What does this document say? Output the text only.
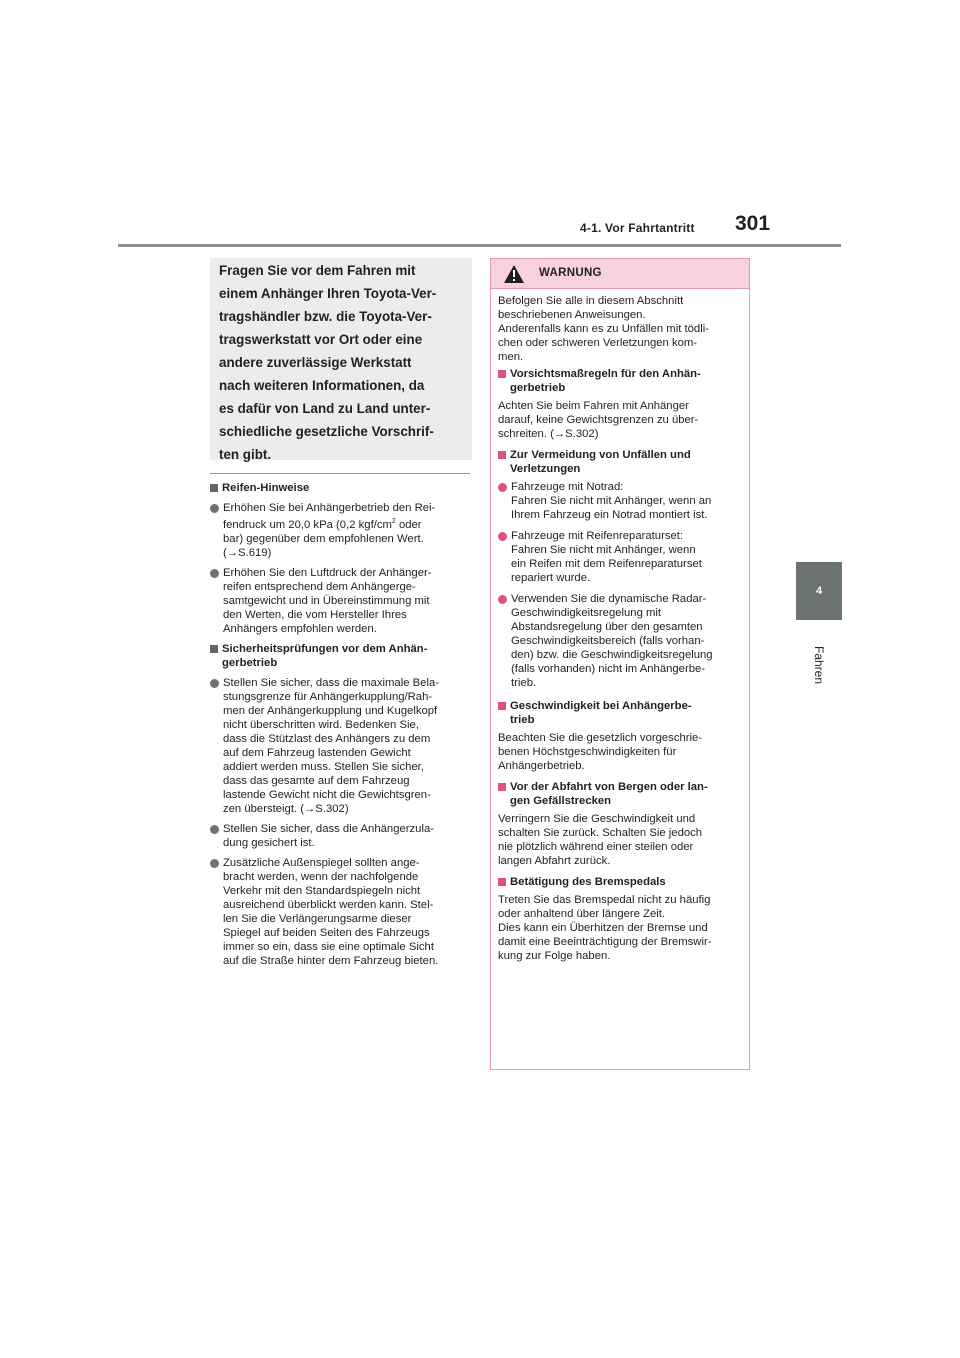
4-1. Vor Fahrtantritt 301
4
Fahren
Fragen Sie vor dem Fahren mit
einem Anhänger Ihren Toyota-Ver-
tragshändler bzw. die Toyota-Ver-
tragswerkstatt vor Ort oder eine
andere zuverlässige Werkstatt
nach weiteren Informationen, da
es dafür von Land zu Land unter-
schiedliche gesetzliche Vorschrif-
ten gibt.
Reifen-Hinweise
Erhöhen Sie bei Anhängerbetrieb den Rei-
fendruck um 20,0 kPa (0,2 kgf/$cm^2$ oder
bar) gegenüber dem empfohlenen Wert.
(→S.619)
Erhöhen Sie den Luftdruck der Anhänger-
reifen entsprechend dem Anhängerge-
samtgewicht und in Übereinstimmung mit
den Werten, die vom Hersteller Ihres
Anhängers empfohlen werden.
Sicherheitsprüfungen vor dem Anhän-
gerbetrieb
Stellen Sie sicher, dass die maximale Bela-
stungsgrenze für Anhängerkupplung/Rah-
men der Anhängerkupplung und Kugelkopf
nicht überschritten wird. Bedenken Sie,
dass die Stützlast des Anhängers zu dem
auf dem Fahrzeug lastenden Gewicht
addiert werden muss. Stellen Sie sicher,
dass das gesamte auf dem Fahrzeug
lastende Gewicht nicht die Gewichtsgren-
zen übersteigt. (→S.302)
Stellen Sie sicher, dass die Anhängerzula-
dung gesichert ist.
Zusätzliche Außenspiegel sollten ange-
bracht werden, wenn der nachfolgende
Verkehr mit den Standardspiegeln nicht
ausreichend überblickt werden kann. Stel-
len Sie die Verlängerungsarme dieser
Spiegel auf beiden Seiten des Fahrzeugs
immer so ein, dass sie eine optimale Sicht
auf die Straße hinter dem Fahrzeug bieten.
WARNUNG
Befolgen Sie alle in diesem Abschnitt
beschriebenen Anweisungen.
Anderenfalls kann es zu Unfällen mit tödli-
chen oder schweren Verletzungen kom-
men.
Vorsichtsmaßregeln für den Anhän-
gerbetrieb
Achten Sie beim Fahren mit Anhänger
darauf, keine Gewichtsgrenzen zu über-
schreiten. (→S.302)
Zur Vermeidung von Unfällen und
Verletzungen
Fahrzeuge mit Notrad:
Fahren Sie nicht mit Anhänger, wenn an
Ihrem Fahrzeug ein Notrad montiert ist.
Fahrzeuge mit Reifenreparaturset:
Fahren Sie nicht mit Anhänger, wenn
ein Reifen mit dem Reifenreparaturset
repariert wurde.
Verwenden Sie die dynamische Radar-
Geschwindigkeitsregelung mit
Abstandsregelung über den gesamten
Geschwindigkeitsbereich (falls vorhan-
den) bzw. die Geschwindigkeitsregelung
(falls vorhanden) nicht im Anhängerbe-
trieb.
Geschwindigkeit bei Anhängerbe-
trieb
Beachten Sie die gesetzlich vorgeschrie-
benen Höchstgeschwindigkeiten für
Anhängerbetrieb.
Vor der Abfahrt von Bergen oder lan-
gen Gefällstrecken
Verringern Sie die Geschwindigkeit und
schalten Sie zurück. Schalten Sie jedoch
nie plötzlich während einer steilen oder
langen Abfahrt zurück.
Betätigung des Bremspedals
Treten Sie das Bremspedal nicht zu häufig
oder anhaltend über längere Zeit.
Dies kann ein Überhitzen der Bremse und
damit eine Beeinträchtigung der Bremswir-
kung zur Folge haben.
